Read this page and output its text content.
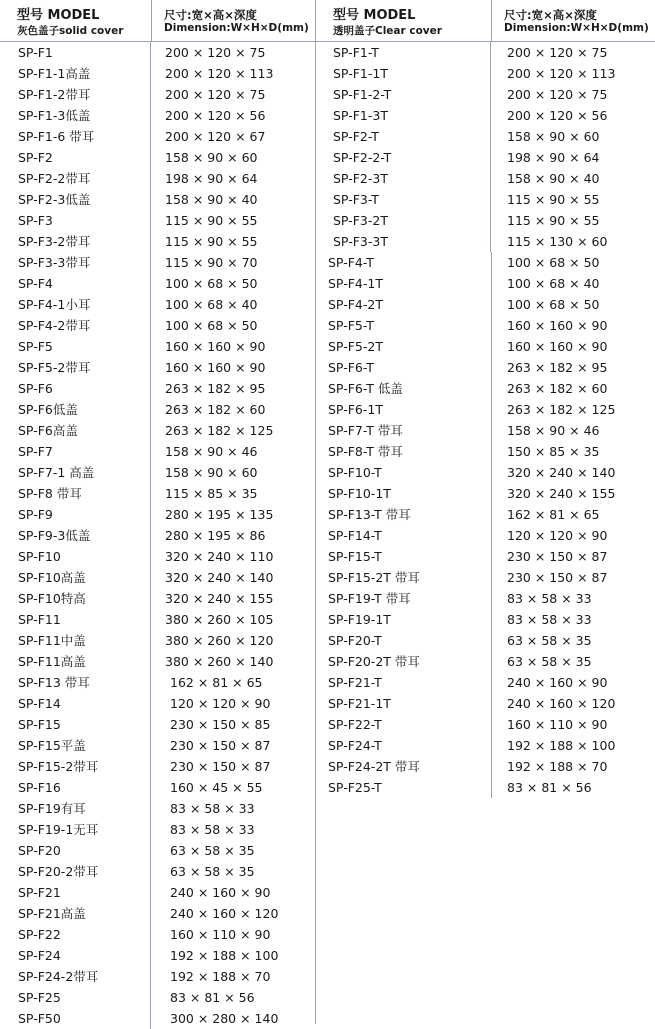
型号 MODEL
灰色盖子solid cover
尺寸:宽×高×深度
Dimension:W×H×D(mm)
SP-F1	200 × 120 × 75
SP-F1-1高盖	200 × 120 × 113
SP-F1-2带耳	200 × 120 × 75
SP-F1-3低盖	200 × 120 × 56
SP-F1-6 带耳	200 × 120 × 67
SP-F2	158 × 90 × 60
SP-F2-2带耳	198 × 90 × 64
SP-F2-3低盖	158 × 90 × 40
SP-F3	115 × 90 × 55
SP-F3-2带耳	115 × 90 × 55
SP-F3-3带耳	115 × 90 × 70
SP-F4	100 × 68 × 50
SP-F4-1小耳	100 × 68 × 40
SP-F4-2带耳	100 × 68 × 50
SP-F5	160 × 160 × 90
SP-F5-2带耳	160 × 160 × 90
SP-F6	263 × 182 × 95
SP-F6低盖	263 × 182 × 60
SP-F6高盖	263 × 182 × 125
SP-F7	158 × 90 × 46
SP-F7-1 高盖	158 × 90 × 60
SP-F8 带耳	115 × 85 × 35
SP-F9	280 × 195 × 135
SP-F9-3低盖	280 × 195 × 86
SP-F10	320 × 240 × 110
SP-F10高盖	320 × 240 × 140
SP-F10特高	320 × 240 × 155
SP-F11	380 × 260 × 105
SP-F11中盖	380 × 260 × 120
SP-F11高盖	380 × 260 × 140
SP-F13 带耳	162 × 81 × 65
SP-F14	120 × 120 × 90
SP-F15	230 × 150 × 85
SP-F15平盖	230 × 150 × 87
SP-F15-2带耳	230 × 150 × 87
SP-F16	160 × 45 × 55
SP-F19有耳	83 × 58 × 33
SP-F19-1无耳	83 × 58 × 33
SP-F20	63 × 58 × 35
SP-F20-2带耳	63 × 58 × 35
SP-F21	240 × 160 × 90
SP-F21高盖	240 × 160 × 120
SP-F22	160 × 110 × 90
SP-F24	192 × 188 × 100
SP-F24-2带耳	192 × 188 × 70
SP-F25	83 × 81 × 56
SP-F50	300 × 280 × 140
型号 MODEL
透明盖子Clear cover
尺寸:宽×高×深度
Dimension:W×H×D(mm)
SP-F1-T	200 × 120 × 75
SP-F1-1T	200 × 120 × 113
SP-F1-2-T	200 × 120 × 75
SP-F1-3T	200 × 120 × 56
SP-F2-T	158 × 90 × 60
SP-F2-2-T	198 × 90 × 64
SP-F2-3T	158 × 90 × 40
SP-F3-T	115 × 90 × 55
SP-F3-2T	115 × 90 × 55
SP-F3-3T	115 × 130 × 60
SP-F4-T	100 × 68 × 50
SP-F4-1T	100 × 68 × 40
SP-F4-2T	100 × 68 × 50
SP-F5-T	160 × 160 × 90
SP-F5-2T	160 × 160 × 90
SP-F6-T	263 × 182 × 95
SP-F6-T 低盖	263 × 182 × 60
SP-F6-1T	263 × 182 × 125
SP-F7-T 带耳	158 × 90 × 46
SP-F8-T 带耳	150 × 85 × 35
SP-F10-T	320 × 240 × 140
SP-F10-1T	320 × 240 × 155
SP-F13-T 带耳	162 × 81 × 65
SP-F14-T	120 × 120 × 90
SP-F15-T	230 × 150 × 87
SP-F15-2T 带耳	230 × 150 × 87
SP-F19-T 带耳	83 × 58 × 33
SP-F19-1T	83 × 58 × 33
SP-F20-T	63 × 58 × 35
SP-F20-2T 带耳	63 × 58 × 35
SP-F21-T	240 × 160 × 90
SP-F21-1T	240 × 160 × 120
SP-F22-T	160 × 110 × 90
SP-F24-T	192 × 188 × 100
SP-F24-2T 带耳	192 × 188 × 70
SP-F25-T	83 × 81 × 56
